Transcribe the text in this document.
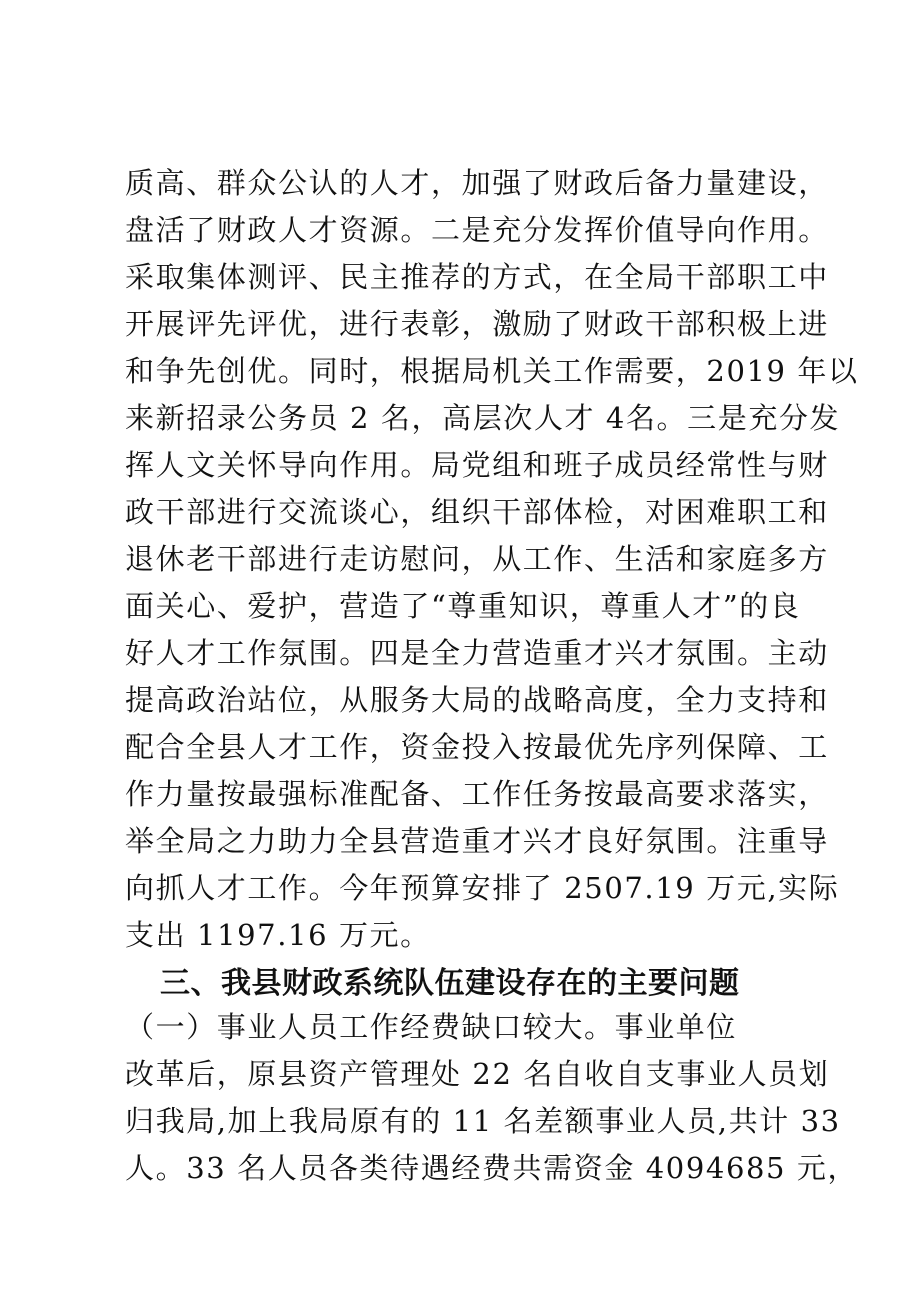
质高、群众公认的人才，加强了财政后备力量建设，
盘活了财政人才资源。二是充分发挥价值导向作用。
采取集体测评、民主推荐的方式，在全局干部职工中
开展评先评优，进行表彰，激励了财政干部积极上进
和争先创优。同时，根据局机关工作需要，2019 年以
来新招录公务员 2 名，高层次人才 4名。三是充分发
挥人文关怀导向作用。局党组和班子成员经常性与财
政干部进行交流谈心，组织干部体检，对困难职工和
退休老干部进行走访慰问，从工作、生活和家庭多方
面关心、爱护，营造了“尊重知识，尊重人才”的良
好人才工作氛围。四是全力营造重才兴才氛围。主动
提高政治站位，从服务大局的战略高度，全力支持和
配合全县人才工作，资金投入按最优先序列保障、工
作力量按最强标准配备、工作任务按最高要求落实，
举全局之力助力全县营造重才兴才良好氛围。注重导
向抓人才工作。今年预算安排了 2507.19 万元,实际
支出 1197.16 万元。
三、我县财政系统队伍建设存在的主要问题
（一）事业人员工作经费缺口较大。事业单位
改革后，原县资产管理处 22 名自收自支事业人员划
归我局,加上我局原有的 11 名差额事业人员,共计 33
人。33 名人员各类待遇经费共需资金 4094685 元，
